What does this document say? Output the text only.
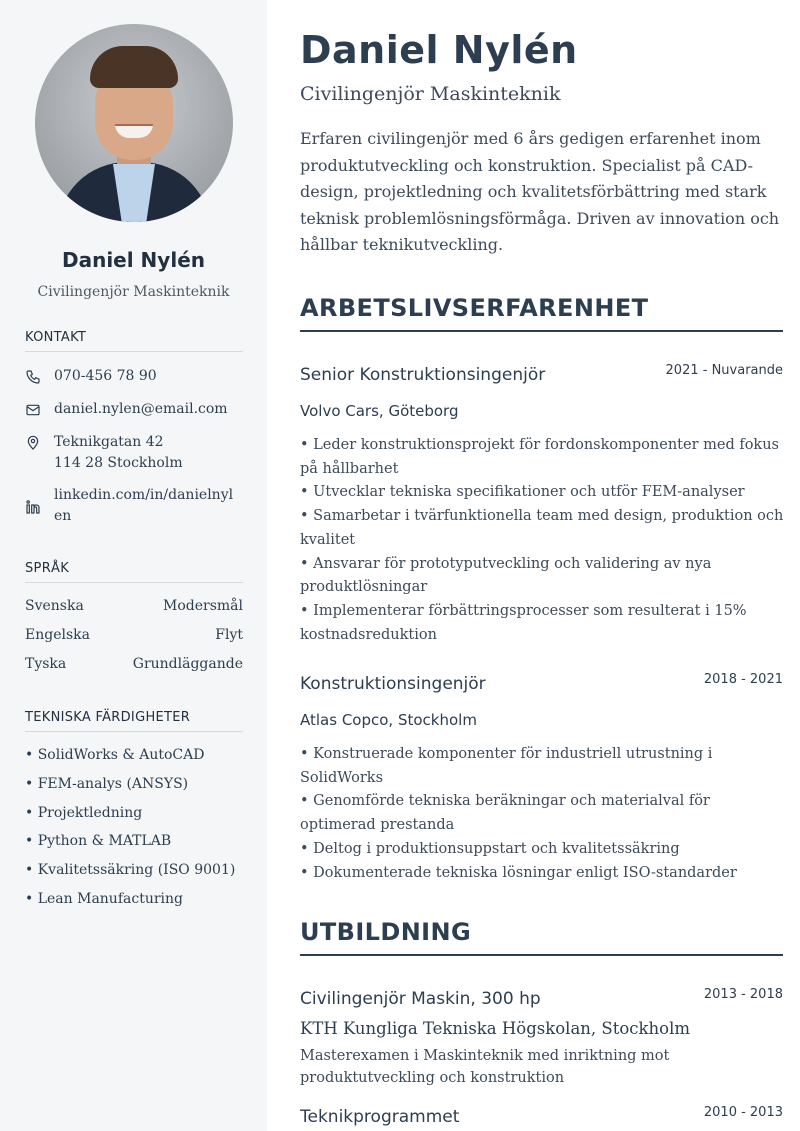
Daniel Nylén
Civilingenjör Maskinteknik
KONTAKT
070-456 78 90
daniel.nylen@email.com
Teknikgatan 42
114 28 Stockholm
linkedin.com/in/danielnyl
en
SPRÅK
Svenska	Modersmål
Engelska	Flyt
Tyska	Grundläggande
TEKNISKA FÄRDIGHETER
• SolidWorks & AutoCAD
• FEM-analys (ANSYS)
• Projektledning
• Python & MATLAB
• Kvalitetssäkring (ISO 9001)
• Lean Manufacturing
Daniel Nylén
Civilingenjör Maskinteknik

Erfaren civilingenjör med 6 års gedigen erfarenhet inom produktutveckling och konstruktion. Specialist på CAD-design, projektledning och kvalitetsförbättring med stark teknisk problemlösningsförmåga. Driven av innovation och hållbar teknikutveckling.

ARBETSLIVSERFARENHET
Senior Konstruktionsingenjör	2021 - Nuvarande
Volvo Cars, Göteborg
• Leder konstruktionsprojekt för fordonskomponenter med fokus på hållbarhet
• Utvecklar tekniska specifikationer och utför FEM-analyser
• Samarbetar i tvärfunktionella team med design, produktion och kvalitet
• Ansvarar för prototyputveckling och validering av nya produktlösningar
• Implementerar förbättringsprocesser som resulterat i 15% kostnadsreduktion
Konstruktionsingenjör	2018 - 2021
Atlas Copco, Stockholm
• Konstruerade komponenter för industriell utrustning i SolidWorks
• Genomförde tekniska beräkningar och materialval för optimerad prestanda
• Deltog i produktionsuppstart och kvalitetssäkring
• Dokumenterade tekniska lösningar enligt ISO-standarder
UTBILDNING
Civilingenjör Maskin, 300 hp	2013 - 2018
KTH Kungliga Tekniska Högskolan, Stockholm
Masterexamen i Maskinteknik med inriktning mot produktutveckling och konstruktion
Teknikprogrammet	2010 - 2013
